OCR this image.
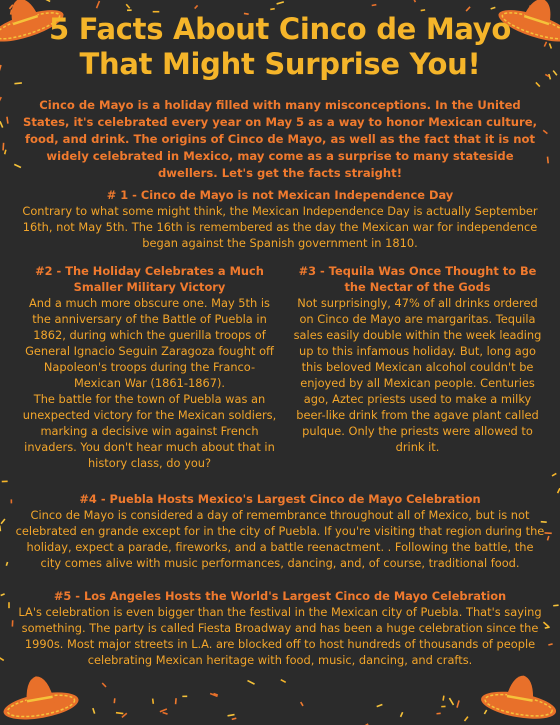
5 Facts About Cinco de Mayo
That Might Surprise You!
Cinco de Mayo is a holiday filled with many misconceptions. In the United States, it's celebrated every year on May 5 as a way to honor Mexican culture, food, and drink. The origins of Cinco de Mayo, as well as the fact that it is not widely celebrated in Mexico, may come as a surprise to many stateside dwellers. Let's get the facts straight!
# 1 - Cinco de Mayo is not Mexican Independence Day
Contrary to what some might think, the Mexican Independence Day is actually September 16th, not May 5th. The 16th is remembered as the day the Mexican war for independence began against the Spanish government in 1810.
#2 - The Holiday Celebrates a Much Smaller Military Victory
And a much more obscure one. May 5th is the anniversary of the Battle of Puebla in 1862, during which the guerilla troops of General Ignacio Seguin Zaragoza fought off Napoleon's troops during the Franco-Mexican War (1861-1867).
The battle for the town of Puebla was an unexpected victory for the Mexican soldiers, marking a decisive win against French invaders. You don't hear much about that in history class, do you?
#3 - Tequila Was Once Thought to Be the Nectar of the Gods
Not surprisingly, 47% of all drinks ordered on Cinco de Mayo are margaritas. Tequila sales easily double within the week leading up to this infamous holiday. But, long ago this beloved Mexican alcohol couldn't be enjoyed by all Mexican people. Centuries ago, Aztec priests used to make a milky beer-like drink from the agave plant called pulque. Only the priests were allowed to drink it.
#4 - Puebla Hosts Mexico's Largest Cinco de Mayo Celebration
Cinco de Mayo is considered a day of remembrance throughout all of Mexico, but is not celebrated en grande except for in the city of Puebla. If you're visiting that region during the holiday, expect a parade, fireworks, and a battle reenactment. . Following the battle, the city comes alive with music performances, dancing, and, of course, traditional food.
#5 - Los Angeles Hosts the World's Largest Cinco de Mayo Celebration
LA's celebration is even bigger than the festival in the Mexican city of Puebla. That's saying something. The party is called Fiesta Broadway and has been a huge celebration since the 1990s. Most major streets in L.A. are blocked off to host hundreds of thousands of people celebrating Mexican heritage with food, music, dancing, and crafts.
